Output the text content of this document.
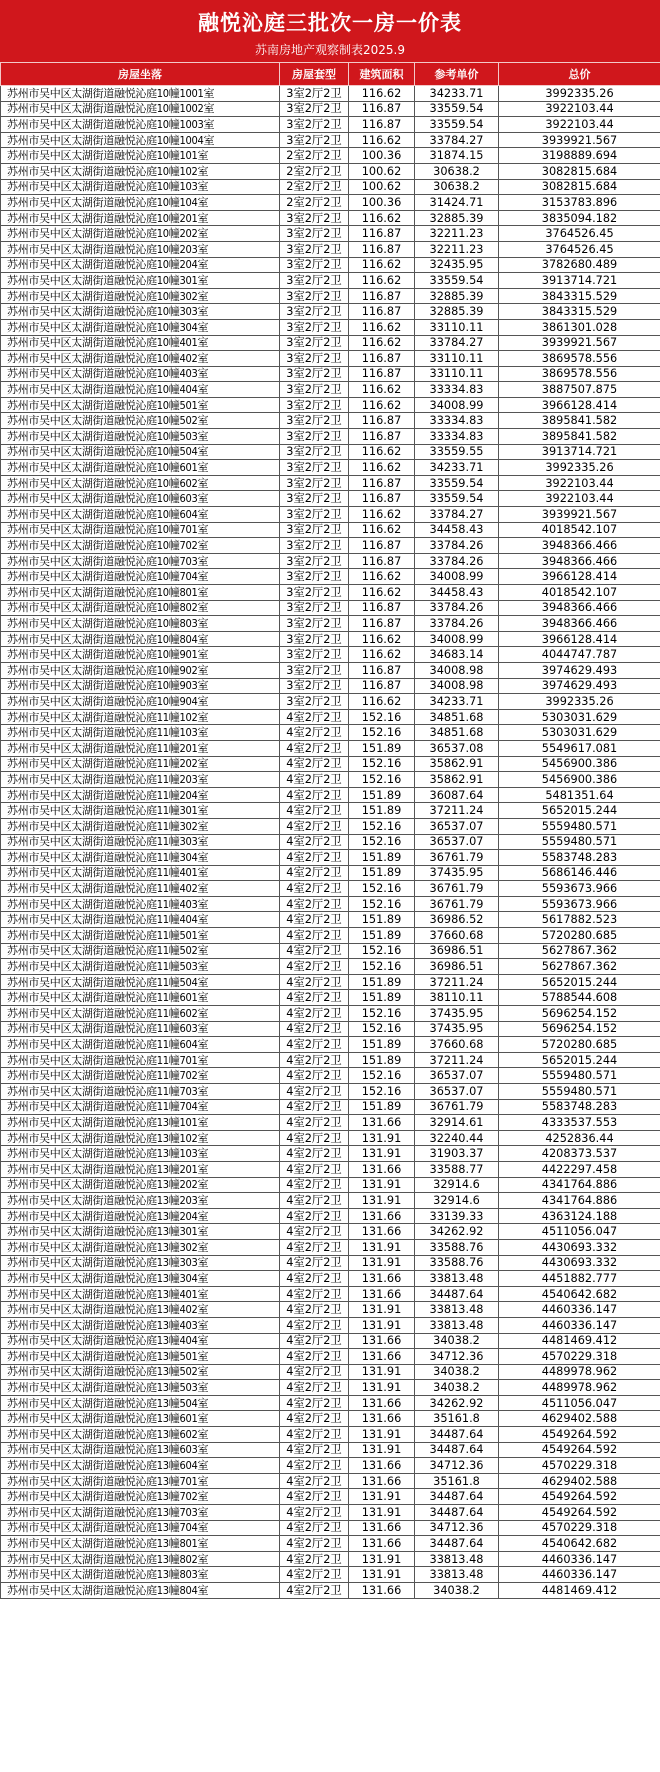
融悦沁庭三批次一房一价表
苏南房地产观察制表2025.9
房屋坐落	房屋套型	建筑面积	参考单价	总价
苏州市吴中区太湖街道融悦沁庭10幢1001室	3室2厅2卫	116.62	34233.71	3992335.26
苏州市吴中区太湖街道融悦沁庭10幢1002室	3室2厅2卫	116.87	33559.54	3922103.44
苏州市吴中区太湖街道融悦沁庭10幢1003室	3室2厅2卫	116.87	33559.54	3922103.44
苏州市吴中区太湖街道融悦沁庭10幢1004室	3室2厅2卫	116.62	33784.27	3939921.567
苏州市吴中区太湖街道融悦沁庭10幢101室	2室2厅2卫	100.36	31874.15	3198889.694
苏州市吴中区太湖街道融悦沁庭10幢102室	2室2厅2卫	100.62	30638.2	3082815.684
苏州市吴中区太湖街道融悦沁庭10幢103室	2室2厅2卫	100.62	30638.2	3082815.684
苏州市吴中区太湖街道融悦沁庭10幢104室	2室2厅2卫	100.36	31424.71	3153783.896
苏州市吴中区太湖街道融悦沁庭10幢201室	3室2厅2卫	116.62	32885.39	3835094.182
苏州市吴中区太湖街道融悦沁庭10幢202室	3室2厅2卫	116.87	32211.23	3764526.45
苏州市吴中区太湖街道融悦沁庭10幢203室	3室2厅2卫	116.87	32211.23	3764526.45
苏州市吴中区太湖街道融悦沁庭10幢204室	3室2厅2卫	116.62	32435.95	3782680.489
苏州市吴中区太湖街道融悦沁庭10幢301室	3室2厅2卫	116.62	33559.54	3913714.721
苏州市吴中区太湖街道融悦沁庭10幢302室	3室2厅2卫	116.87	32885.39	3843315.529
苏州市吴中区太湖街道融悦沁庭10幢303室	3室2厅2卫	116.87	32885.39	3843315.529
苏州市吴中区太湖街道融悦沁庭10幢304室	3室2厅2卫	116.62	33110.11	3861301.028
苏州市吴中区太湖街道融悦沁庭10幢401室	3室2厅2卫	116.62	33784.27	3939921.567
苏州市吴中区太湖街道融悦沁庭10幢402室	3室2厅2卫	116.87	33110.11	3869578.556
苏州市吴中区太湖街道融悦沁庭10幢403室	3室2厅2卫	116.87	33110.11	3869578.556
苏州市吴中区太湖街道融悦沁庭10幢404室	3室2厅2卫	116.62	33334.83	3887507.875
苏州市吴中区太湖街道融悦沁庭10幢501室	3室2厅2卫	116.62	34008.99	3966128.414
苏州市吴中区太湖街道融悦沁庭10幢502室	3室2厅2卫	116.87	33334.83	3895841.582
苏州市吴中区太湖街道融悦沁庭10幢503室	3室2厅2卫	116.87	33334.83	3895841.582
苏州市吴中区太湖街道融悦沁庭10幢504室	3室2厅2卫	116.62	33559.55	3913714.721
苏州市吴中区太湖街道融悦沁庭10幢601室	3室2厅2卫	116.62	34233.71	3992335.26
苏州市吴中区太湖街道融悦沁庭10幢602室	3室2厅2卫	116.87	33559.54	3922103.44
苏州市吴中区太湖街道融悦沁庭10幢603室	3室2厅2卫	116.87	33559.54	3922103.44
苏州市吴中区太湖街道融悦沁庭10幢604室	3室2厅2卫	116.62	33784.27	3939921.567
苏州市吴中区太湖街道融悦沁庭10幢701室	3室2厅2卫	116.62	34458.43	4018542.107
苏州市吴中区太湖街道融悦沁庭10幢702室	3室2厅2卫	116.87	33784.26	3948366.466
苏州市吴中区太湖街道融悦沁庭10幢703室	3室2厅2卫	116.87	33784.26	3948366.466
苏州市吴中区太湖街道融悦沁庭10幢704室	3室2厅2卫	116.62	34008.99	3966128.414
苏州市吴中区太湖街道融悦沁庭10幢801室	3室2厅2卫	116.62	34458.43	4018542.107
苏州市吴中区太湖街道融悦沁庭10幢802室	3室2厅2卫	116.87	33784.26	3948366.466
苏州市吴中区太湖街道融悦沁庭10幢803室	3室2厅2卫	116.87	33784.26	3948366.466
苏州市吴中区太湖街道融悦沁庭10幢804室	3室2厅2卫	116.62	34008.99	3966128.414
苏州市吴中区太湖街道融悦沁庭10幢901室	3室2厅2卫	116.62	34683.14	4044747.787
苏州市吴中区太湖街道融悦沁庭10幢902室	3室2厅2卫	116.87	34008.98	3974629.493
苏州市吴中区太湖街道融悦沁庭10幢903室	3室2厅2卫	116.87	34008.98	3974629.493
苏州市吴中区太湖街道融悦沁庭10幢904室	3室2厅2卫	116.62	34233.71	3992335.26
苏州市吴中区太湖街道融悦沁庭11幢102室	4室2厅2卫	152.16	34851.68	5303031.629
苏州市吴中区太湖街道融悦沁庭11幢103室	4室2厅2卫	152.16	34851.68	5303031.629
苏州市吴中区太湖街道融悦沁庭11幢201室	4室2厅2卫	151.89	36537.08	5549617.081
苏州市吴中区太湖街道融悦沁庭11幢202室	4室2厅2卫	152.16	35862.91	5456900.386
苏州市吴中区太湖街道融悦沁庭11幢203室	4室2厅2卫	152.16	35862.91	5456900.386
苏州市吴中区太湖街道融悦沁庭11幢204室	4室2厅2卫	151.89	36087.64	5481351.64
苏州市吴中区太湖街道融悦沁庭11幢301室	4室2厅2卫	151.89	37211.24	5652015.244
苏州市吴中区太湖街道融悦沁庭11幢302室	4室2厅2卫	152.16	36537.07	5559480.571
苏州市吴中区太湖街道融悦沁庭11幢303室	4室2厅2卫	152.16	36537.07	5559480.571
苏州市吴中区太湖街道融悦沁庭11幢304室	4室2厅2卫	151.89	36761.79	5583748.283
苏州市吴中区太湖街道融悦沁庭11幢401室	4室2厅2卫	151.89	37435.95	5686146.446
苏州市吴中区太湖街道融悦沁庭11幢402室	4室2厅2卫	152.16	36761.79	5593673.966
苏州市吴中区太湖街道融悦沁庭11幢403室	4室2厅2卫	152.16	36761.79	5593673.966
苏州市吴中区太湖街道融悦沁庭11幢404室	4室2厅2卫	151.89	36986.52	5617882.523
苏州市吴中区太湖街道融悦沁庭11幢501室	4室2厅2卫	151.89	37660.68	5720280.685
苏州市吴中区太湖街道融悦沁庭11幢502室	4室2厅2卫	152.16	36986.51	5627867.362
苏州市吴中区太湖街道融悦沁庭11幢503室	4室2厅2卫	152.16	36986.51	5627867.362
苏州市吴中区太湖街道融悦沁庭11幢504室	4室2厅2卫	151.89	37211.24	5652015.244
苏州市吴中区太湖街道融悦沁庭11幢601室	4室2厅2卫	151.89	38110.11	5788544.608
苏州市吴中区太湖街道融悦沁庭11幢602室	4室2厅2卫	152.16	37435.95	5696254.152
苏州市吴中区太湖街道融悦沁庭11幢603室	4室2厅2卫	152.16	37435.95	5696254.152
苏州市吴中区太湖街道融悦沁庭11幢604室	4室2厅2卫	151.89	37660.68	5720280.685
苏州市吴中区太湖街道融悦沁庭11幢701室	4室2厅2卫	151.89	37211.24	5652015.244
苏州市吴中区太湖街道融悦沁庭11幢702室	4室2厅2卫	152.16	36537.07	5559480.571
苏州市吴中区太湖街道融悦沁庭11幢703室	4室2厅2卫	152.16	36537.07	5559480.571
苏州市吴中区太湖街道融悦沁庭11幢704室	4室2厅2卫	151.89	36761.79	5583748.283
苏州市吴中区太湖街道融悦沁庭13幢101室	4室2厅2卫	131.66	32914.61	4333537.553
苏州市吴中区太湖街道融悦沁庭13幢102室	4室2厅2卫	131.91	32240.44	4252836.44
苏州市吴中区太湖街道融悦沁庭13幢103室	4室2厅2卫	131.91	31903.37	4208373.537
苏州市吴中区太湖街道融悦沁庭13幢201室	4室2厅2卫	131.66	33588.77	4422297.458
苏州市吴中区太湖街道融悦沁庭13幢202室	4室2厅2卫	131.91	32914.6	4341764.886
苏州市吴中区太湖街道融悦沁庭13幢203室	4室2厅2卫	131.91	32914.6	4341764.886
苏州市吴中区太湖街道融悦沁庭13幢204室	4室2厅2卫	131.66	33139.33	4363124.188
苏州市吴中区太湖街道融悦沁庭13幢301室	4室2厅2卫	131.66	34262.92	4511056.047
苏州市吴中区太湖街道融悦沁庭13幢302室	4室2厅2卫	131.91	33588.76	4430693.332
苏州市吴中区太湖街道融悦沁庭13幢303室	4室2厅2卫	131.91	33588.76	4430693.332
苏州市吴中区太湖街道融悦沁庭13幢304室	4室2厅2卫	131.66	33813.48	4451882.777
苏州市吴中区太湖街道融悦沁庭13幢401室	4室2厅2卫	131.66	34487.64	4540642.682
苏州市吴中区太湖街道融悦沁庭13幢402室	4室2厅2卫	131.91	33813.48	4460336.147
苏州市吴中区太湖街道融悦沁庭13幢403室	4室2厅2卫	131.91	33813.48	4460336.147
苏州市吴中区太湖街道融悦沁庭13幢404室	4室2厅2卫	131.66	34038.2	4481469.412
苏州市吴中区太湖街道融悦沁庭13幢501室	4室2厅2卫	131.66	34712.36	4570229.318
苏州市吴中区太湖街道融悦沁庭13幢502室	4室2厅2卫	131.91	34038.2	4489978.962
苏州市吴中区太湖街道融悦沁庭13幢503室	4室2厅2卫	131.91	34038.2	4489978.962
苏州市吴中区太湖街道融悦沁庭13幢504室	4室2厅2卫	131.66	34262.92	4511056.047
苏州市吴中区太湖街道融悦沁庭13幢601室	4室2厅2卫	131.66	35161.8	4629402.588
苏州市吴中区太湖街道融悦沁庭13幢602室	4室2厅2卫	131.91	34487.64	4549264.592
苏州市吴中区太湖街道融悦沁庭13幢603室	4室2厅2卫	131.91	34487.64	4549264.592
苏州市吴中区太湖街道融悦沁庭13幢604室	4室2厅2卫	131.66	34712.36	4570229.318
苏州市吴中区太湖街道融悦沁庭13幢701室	4室2厅2卫	131.66	35161.8	4629402.588
苏州市吴中区太湖街道融悦沁庭13幢702室	4室2厅2卫	131.91	34487.64	4549264.592
苏州市吴中区太湖街道融悦沁庭13幢703室	4室2厅2卫	131.91	34487.64	4549264.592
苏州市吴中区太湖街道融悦沁庭13幢704室	4室2厅2卫	131.66	34712.36	4570229.318
苏州市吴中区太湖街道融悦沁庭13幢801室	4室2厅2卫	131.66	34487.64	4540642.682
苏州市吴中区太湖街道融悦沁庭13幢802室	4室2厅2卫	131.91	33813.48	4460336.147
苏州市吴中区太湖街道融悦沁庭13幢803室	4室2厅2卫	131.91	33813.48	4460336.147
苏州市吴中区太湖街道融悦沁庭13幢804室	4室2厅2卫	131.66	34038.2	4481469.412
